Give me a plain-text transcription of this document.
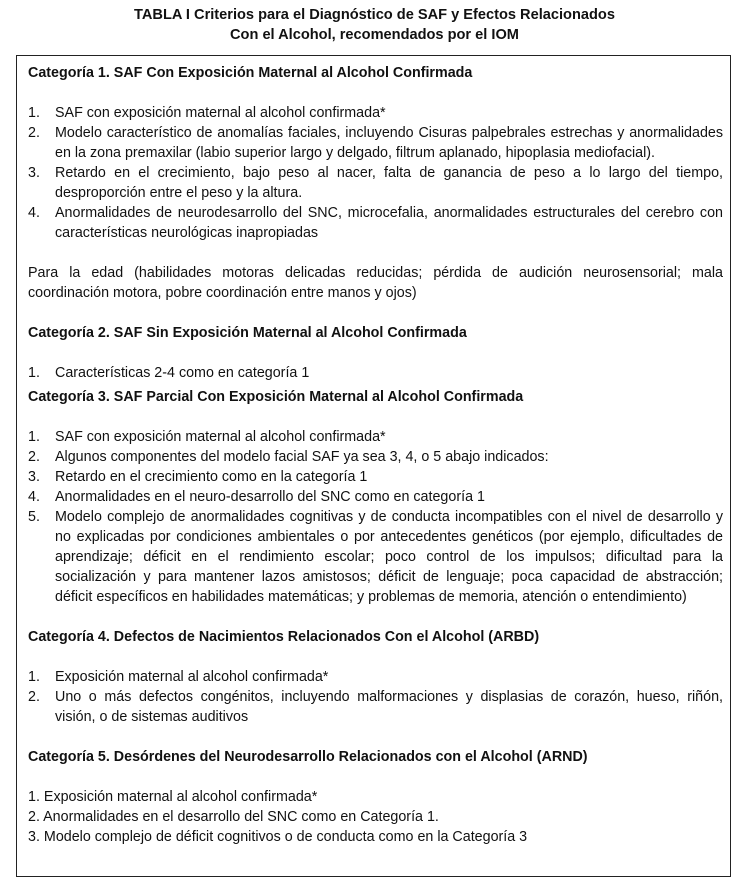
TABLA I Criterios para el Diagnóstico de SAF y Efectos Relacionados
Con el Alcohol, recomendados por el IOM

Categoría 1. SAF Con Exposición Maternal al Alcohol Confirmada

1. SAF con exposición maternal al alcohol confirmada*
2. Modelo característico de anomalías faciales, incluyendo Cisuras palpebrales estrechas y anormalidades en la zona premaxilar (labio superior largo y delgado, filtrum aplanado, hipoplasia mediofacial).
3. Retardo en el crecimiento, bajo peso al nacer, falta de ganancia de peso a lo largo del tiempo, desproporción entre el peso y la altura.
4. Anormalidades de neurodesarrollo del SNC, microcefalia, anormalidades estructurales del cerebro con características neurológicas inapropiadas

Para la edad (habilidades motoras delicadas reducidas; pérdida de audición neurosensorial; mala coordinación motora, pobre coordinación entre manos y ojos)

Categoría 2. SAF Sin Exposición Maternal al Alcohol Confirmada

1. Características 2-4 como en categoría 1

Categoría 3. SAF Parcial Con Exposición Maternal al Alcohol Confirmada

1. SAF con exposición maternal al alcohol confirmada*
2. Algunos componentes del modelo facial SAF ya sea 3, 4, o 5 abajo indicados:
3. Retardo en el crecimiento como en la categoría 1
4. Anormalidades en el neuro-desarrollo del SNC como en categoría 1
5. Modelo complejo de anormalidades cognitivas y de conducta incompatibles con el nivel de desarrollo y no explicadas por condiciones ambientales o por antecedentes genéticos (por ejemplo, dificultades de aprendizaje; déficit en el rendimiento escolar; poco control de los impulsos; dificultad para la socialización y para mantener lazos amistosos; déficit de lenguaje; poca capacidad de abstracción; déficit específicos en habilidades matemáticas; y problemas de memoria, atención o entendimiento)

Categoría 4. Defectos de Nacimientos Relacionados Con el Alcohol (ARBD)

1. Exposición maternal al alcohol confirmada*
2. Uno o más defectos congénitos, incluyendo malformaciones y displasias de corazón, hueso, riñón, visión, o de sistemas auditivos

Categoría 5. Desórdenes del Neurodesarrollo Relacionados con el Alcohol (ARND)

1. Exposición maternal al alcohol confirmada*
2. Anormalidades en el desarrollo del SNC como en Categoría 1.
3. Modelo complejo de déficit cognitivos o de conducta como en la Categoría 3
